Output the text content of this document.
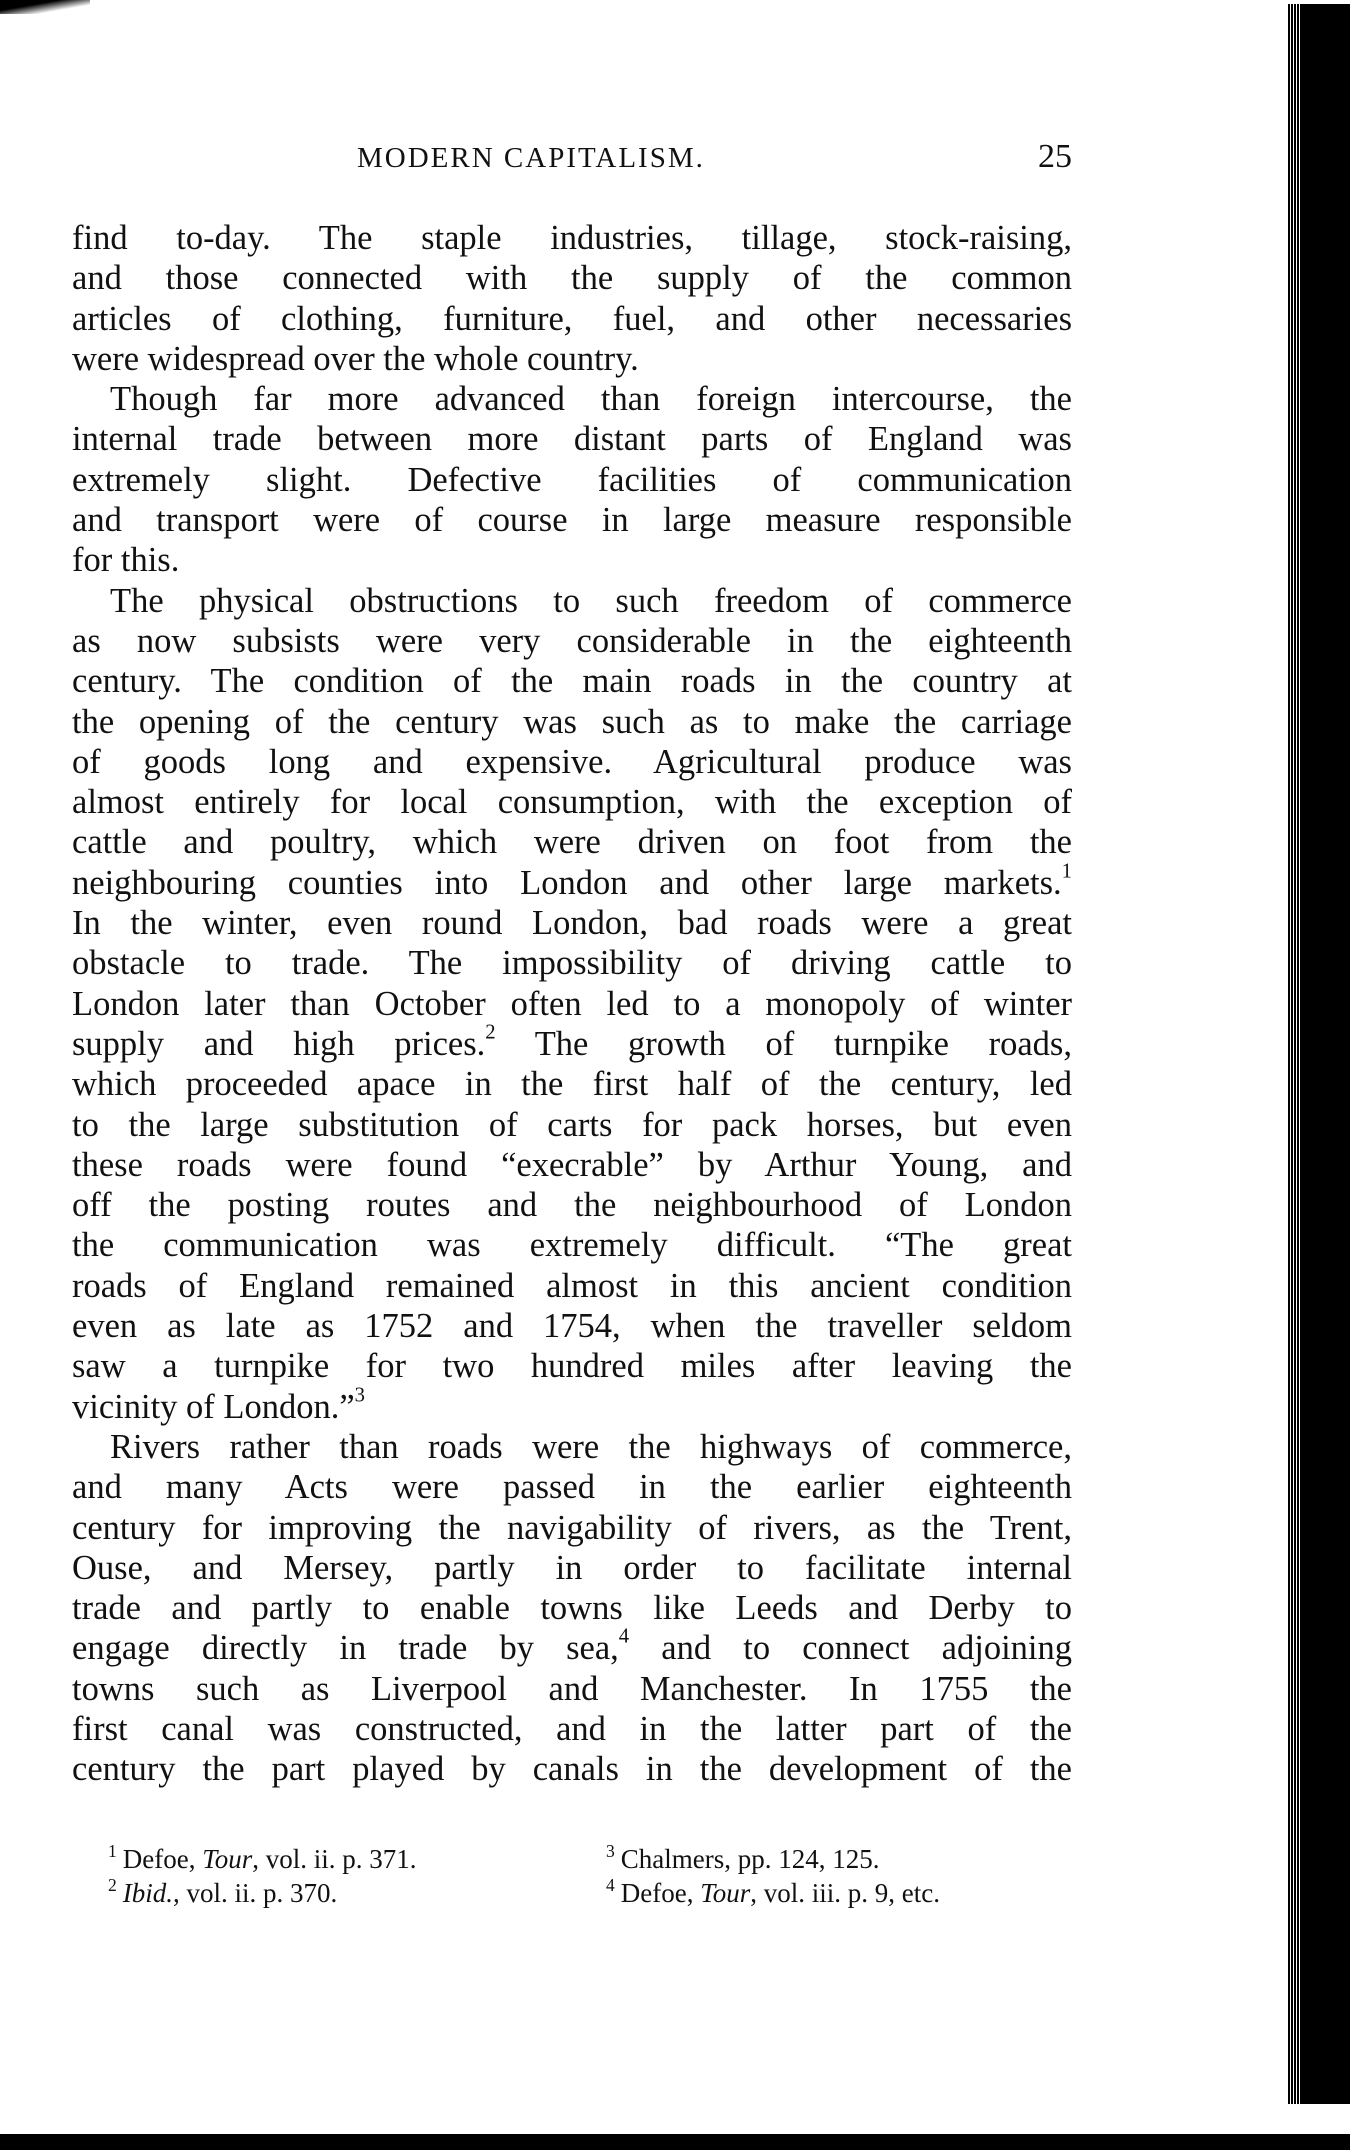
MODERN CAPITALISM.	25

find to-day. The staple industries, tillage, stock-raising,
and those connected with the supply of the common
articles of clothing, furniture, fuel, and other necessaries
were widespread over the whole country.

Though far more advanced than foreign intercourse, the
internal trade between more distant parts of England was
extremely slight. Defective facilities of communication
and transport were of course in large measure responsible
for this.

The physical obstructions to such freedom of commerce
as now subsists were very considerable in the eighteenth
century. The condition of the main roads in the country at
the opening of the century was such as to make the carriage
of goods long and expensive. Agricultural produce was
almost entirely for local consumption, with the exception of
cattle and poultry, which were driven on foot from the
neighbouring counties into London and other large markets.$^1$
In the winter, even round London, bad roads were a great
obstacle to trade. The impossibility of driving cattle to
London later than October often led to a monopoly of winter
supply and high prices.$^2$ The growth of turnpike roads,
which proceeded apace in the first half of the century, led
to the large substitution of carts for pack horses, but even
these roads were found “execrable” by Arthur Young, and
off the posting routes and the neighbourhood of London
the communication was extremely difficult. “The great
roads of England remained almost in this ancient condition
even as late as 1752 and 1754, when the traveller seldom
saw a turnpike for two hundred miles after leaving the
vicinity of London.”$^3$

Rivers rather than roads were the highways of commerce,
and many Acts were passed in the earlier eighteenth
century for improving the navigability of rivers, as the Trent,
Ouse, and Mersey, partly in order to facilitate internal
trade and partly to enable towns like Leeds and Derby to
engage directly in trade by sea,$^4$ and to connect adjoining
towns such as Liverpool and Manchester. In 1755 the
first canal was constructed, and in the latter part of the
century the part played by canals in the development of the

$^1$ Defoe, Tour, vol. ii. p. 371.
$^2$ Ibid., vol. ii. p. 370.
$^3$ Chalmers, pp. 124, 125.
$^4$ Defoe, Tour, vol. iii. p. 9, etc.
